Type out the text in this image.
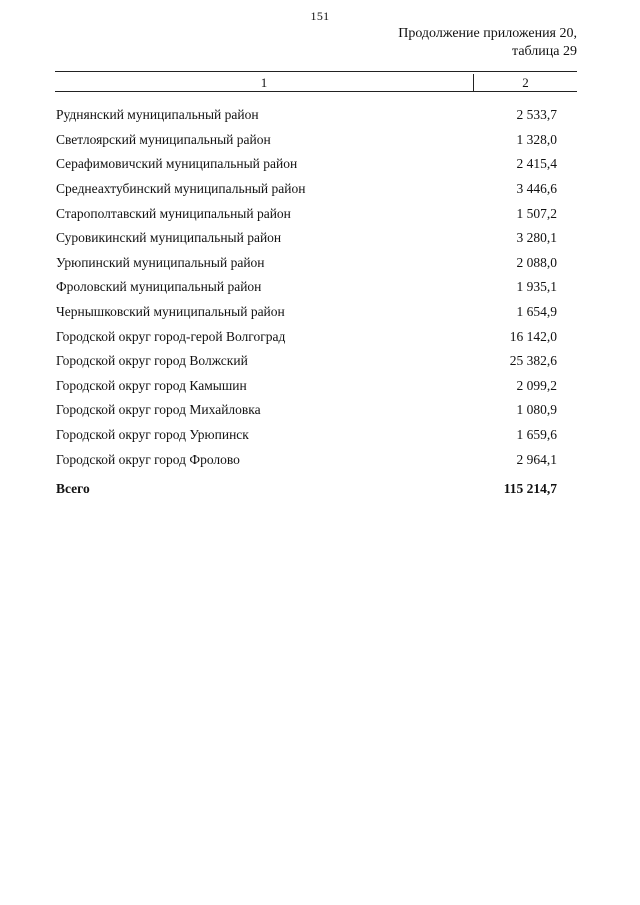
151
Продолжение приложения 20,
таблица 29
1	2
Руднянский муниципальный район	2 533,7
Светлоярский муниципальный район	1 328,0
Серафимовичский муниципальный район	2 415,4
Среднеахтубинский муниципальный район	3 446,6
Старополтавский муниципальный район	1 507,2
Суровикинский муниципальный район	3 280,1
Урюпинский муниципальный район	2 088,0
Фроловский муниципальный район	1 935,1
Чернышковский муниципальный район	1 654,9
Городской округ город-герой Волгоград	16 142,0
Городской округ город Волжский	25 382,6
Городской округ город Камышин	2 099,2
Городской округ город Михайловка	1 080,9
Городской округ город Урюпинск	1 659,6
Городской округ город Фролово	2 964,1
Всего	115 214,7
